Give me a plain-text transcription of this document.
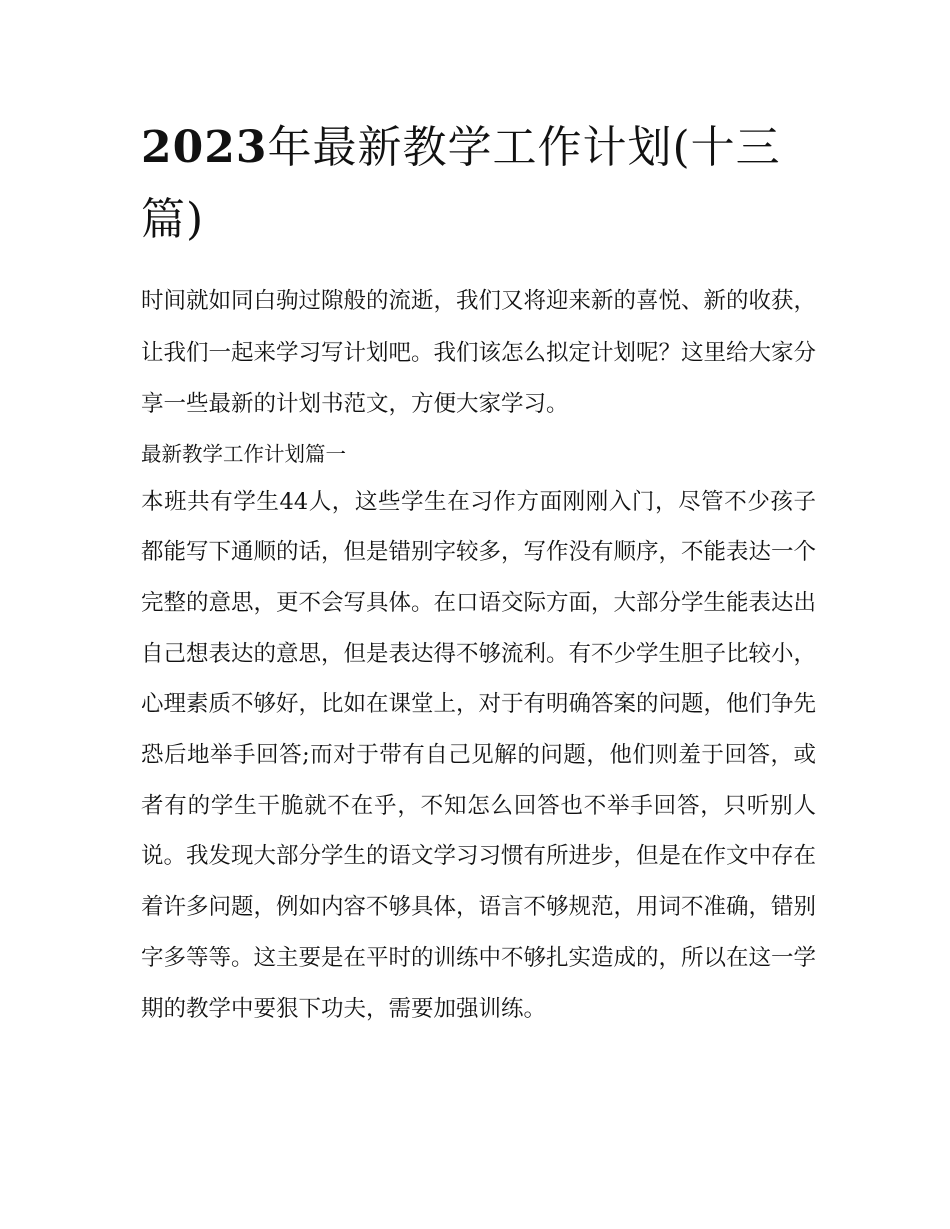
2023年最新教学工作计划(十三篇)

时间就如同白驹过隙般的流逝，我们又将迎来新的喜悦、新的收获，让我们一起来学习写计划吧。我们该怎么拟定计划呢？这里给大家分享一些最新的计划书范文，方便大家学习。

最新教学工作计划篇一

本班共有学生44人，这些学生在习作方面刚刚入门，尽管不少孩子都能写下通顺的话，但是错别字较多，写作没有顺序，不能表达一个完整的意思，更不会写具体。在口语交际方面，大部分学生能表达出自己想表达的意思，但是表达得不够流利。有不少学生胆子比较小，心理素质不够好，比如在课堂上，对于有明确答案的问题，他们争先恐后地举手回答;而对于带有自己见解的问题，他们则羞于回答，或者有的学生干脆就不在乎，不知怎么回答也不举手回答，只听别人说。我发现大部分学生的语文学习习惯有所进步，但是在作文中存在着许多问题，例如内容不够具体，语言不够规范，用词不准确，错别字多等等。这主要是在平时的训练中不够扎实造成的，所以在这一学期的教学中要狠下功夫，需要加强训练。
